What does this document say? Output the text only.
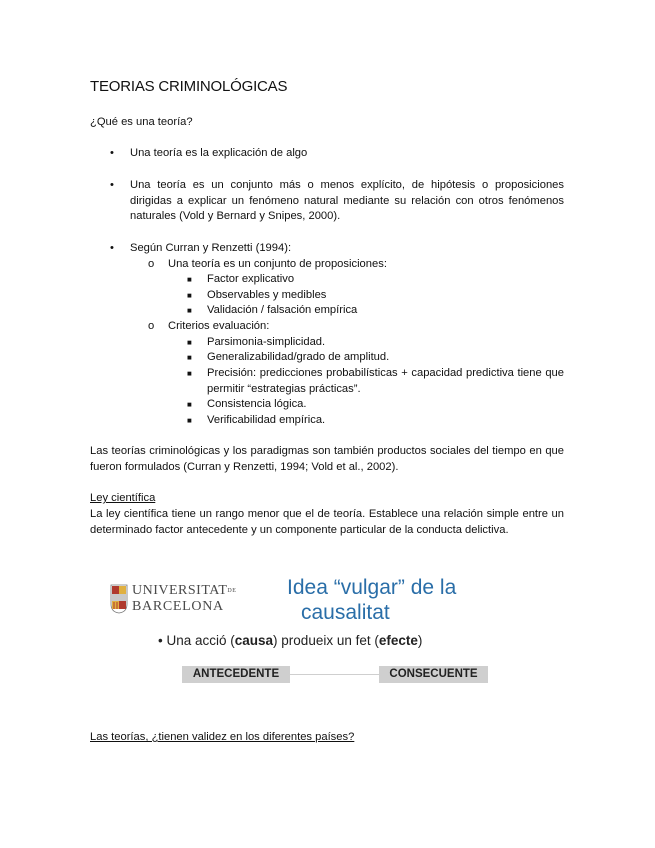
TEORIAS CRIMINOLÓGICAS
¿Qué es una teoría?
• Una teoría es la explicación de algo
• Una teoría es un conjunto más o menos explícito, de hipótesis o proposiciones dirigidas a explicar un fenómeno natural mediante su relación con otros fenómenos naturales (Vold y Bernard y Snipes, 2000).
• Según Curran y Renzetti (1994):
o Una teoría es un conjunto de proposiciones:
■ Factor explicativo
■ Observables y medibles
■ Validación / falsación empírica
o Criterios evaluación:
■ Parsimonia-simplicidad.
■ Generalizabilidad/grado de amplitud.
■ Precisión: predicciones probabilísticas + capacidad predictiva tiene que permitir “estrategias prácticas”.
■ Consistencia lógica.
■ Verificabilidad empírica.
Las teorías criminológicas y los paradigmas son también productos sociales del tiempo en que fueron formulados (Curran y Renzetti, 1994; Vold et al., 2002).
Ley científica
La ley científica tiene un rango menor que el de teoría. Establece una relación simple entre un determinado factor antecedente y un componente particular de la conducta delictiva.
UNIVERSITATDE
BARCELONA
Idea “vulgar” de la
causalitat
• Una acció (causa) produeix un fet (efecte)
ANTECEDENTE	CONSECUENTE
Las teorías, ¿tienen validez en los diferentes países?
